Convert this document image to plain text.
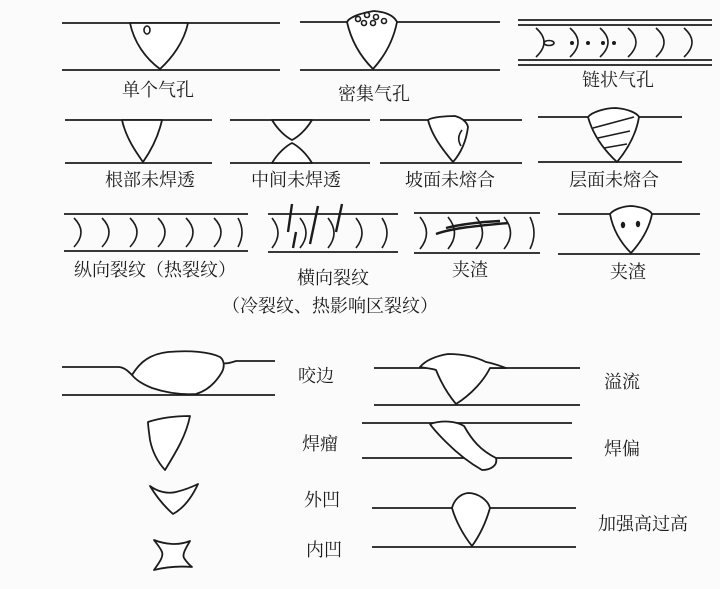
单个气孔	密集气孔
链状气孔
根部未焊透	中间未焊透	坡面未熔合	层面未熔合
纵向裂纹（热裂纹）	横向裂纹
（冷裂纹、热影响区裂纹）
夹渣	夹渣
咬边	溢流
焊瘤	焊偏
外凹
加强高过高
内凹
